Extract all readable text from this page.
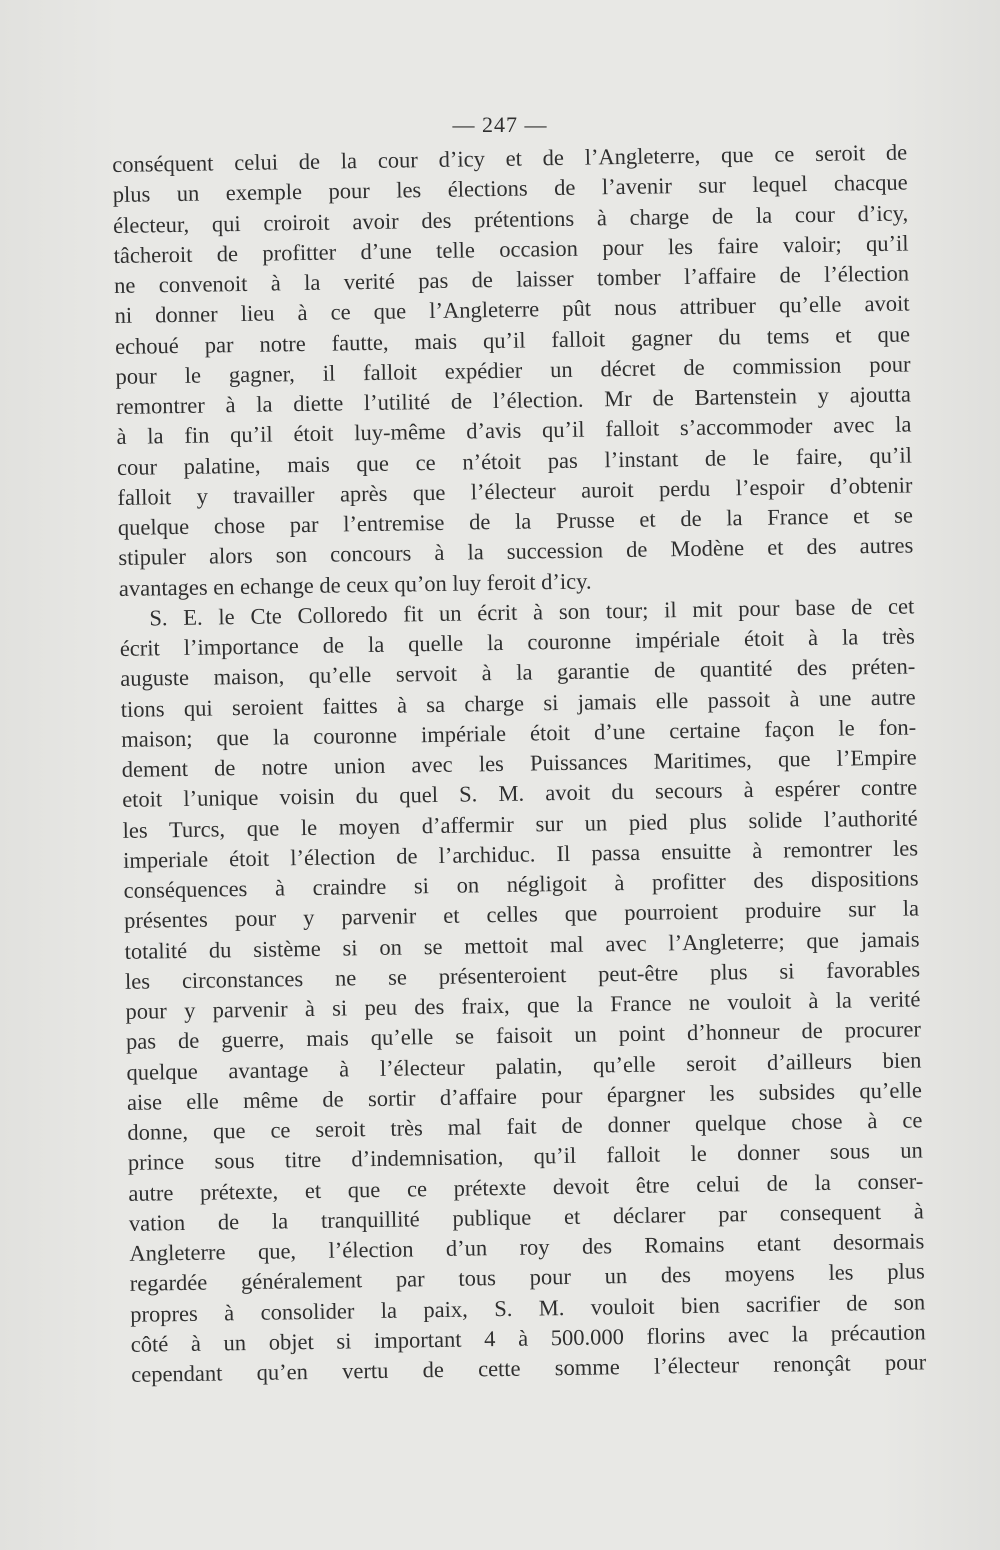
— 247 —
conséquent celui de la cour d’icy et de l’Angleterre, que ce seroit de
plus un exemple pour les élections de l’avenir sur lequel chacque
électeur, qui croiroit avoir des prétentions à charge de la cour d’icy,
tâcheroit de profitter d’une telle occasion pour les faire valoir; qu’il
ne convenoit à la verité pas de laisser tomber l’affaire de l’élection
ni donner lieu à ce que l’Angleterre pût nous attribuer qu’elle avoit
echoué par notre fautte, mais qu’il falloit gagner du tems et que
pour le gagner, il falloit expédier un décret de commission pour
remontrer à la diette l’utilité de l’élection. Mr de Bartenstein y ajoutta
à la fin qu’il étoit luy-même d’avis qu’il falloit s’accommoder avec la
cour palatine, mais que ce n’étoit pas l’instant de le faire, qu’il
falloit y travailler après que l’électeur auroit perdu l’espoir d’obtenir
quelque chose par l’entremise de la Prusse et de la France et se
stipuler alors son concours à la succession de Modène et des autres
avantages en echange de ceux qu’on luy feroit d’icy.
S. E. le Cte Colloredo fit un écrit à son tour; il mit pour base de cet
écrit l’importance de la quelle la couronne impériale étoit à la très
auguste maison, qu’elle servoit à la garantie de quantité des préten-
tions qui seroient faittes à sa charge si jamais elle passoit à une autre
maison; que la couronne impériale étoit d’une certaine façon le fon-
dement de notre union avec les Puissances Maritimes, que l’Empire
etoit l’unique voisin du quel S. M. avoit du secours à espérer contre
les Turcs, que le moyen d’affermir sur un pied plus solide l’authorité
imperiale étoit l’élection de l’archiduc. Il passa ensuitte à remontrer les
conséquences à craindre si on négligoit à profitter des dispositions
présentes pour y parvenir et celles que pourroient produire sur la
totalité du sistème si on se mettoit mal avec l’Angleterre; que jamais
les circonstances ne se présenteroient peut-être plus si favorables
pour y parvenir à si peu des fraix, que la France ne vouloit à la verité
pas de guerre, mais qu’elle se faisoit un point d’honneur de procurer
quelque avantage à l’électeur palatin, qu’elle seroit d’ailleurs bien
aise elle même de sortir d’affaire pour épargner les subsides qu’elle
donne, que ce seroit très mal fait de donner quelque chose à ce
prince sous titre d’indemnisation, qu’il falloit le donner sous un
autre prétexte, et que ce prétexte devoit être celui de la conser-
vation de la tranquillité publique et déclarer par consequent à
Angleterre que, l’élection d’un roy des Romains etant desormais
regardée généralement par tous pour un des moyens les plus
propres à consolider la paix, S. M. vouloit bien sacrifier de son
côté à un objet si important 4 à 500.000 florins avec la précaution
cependant qu’en vertu de cette somme l’électeur renonçât pour
